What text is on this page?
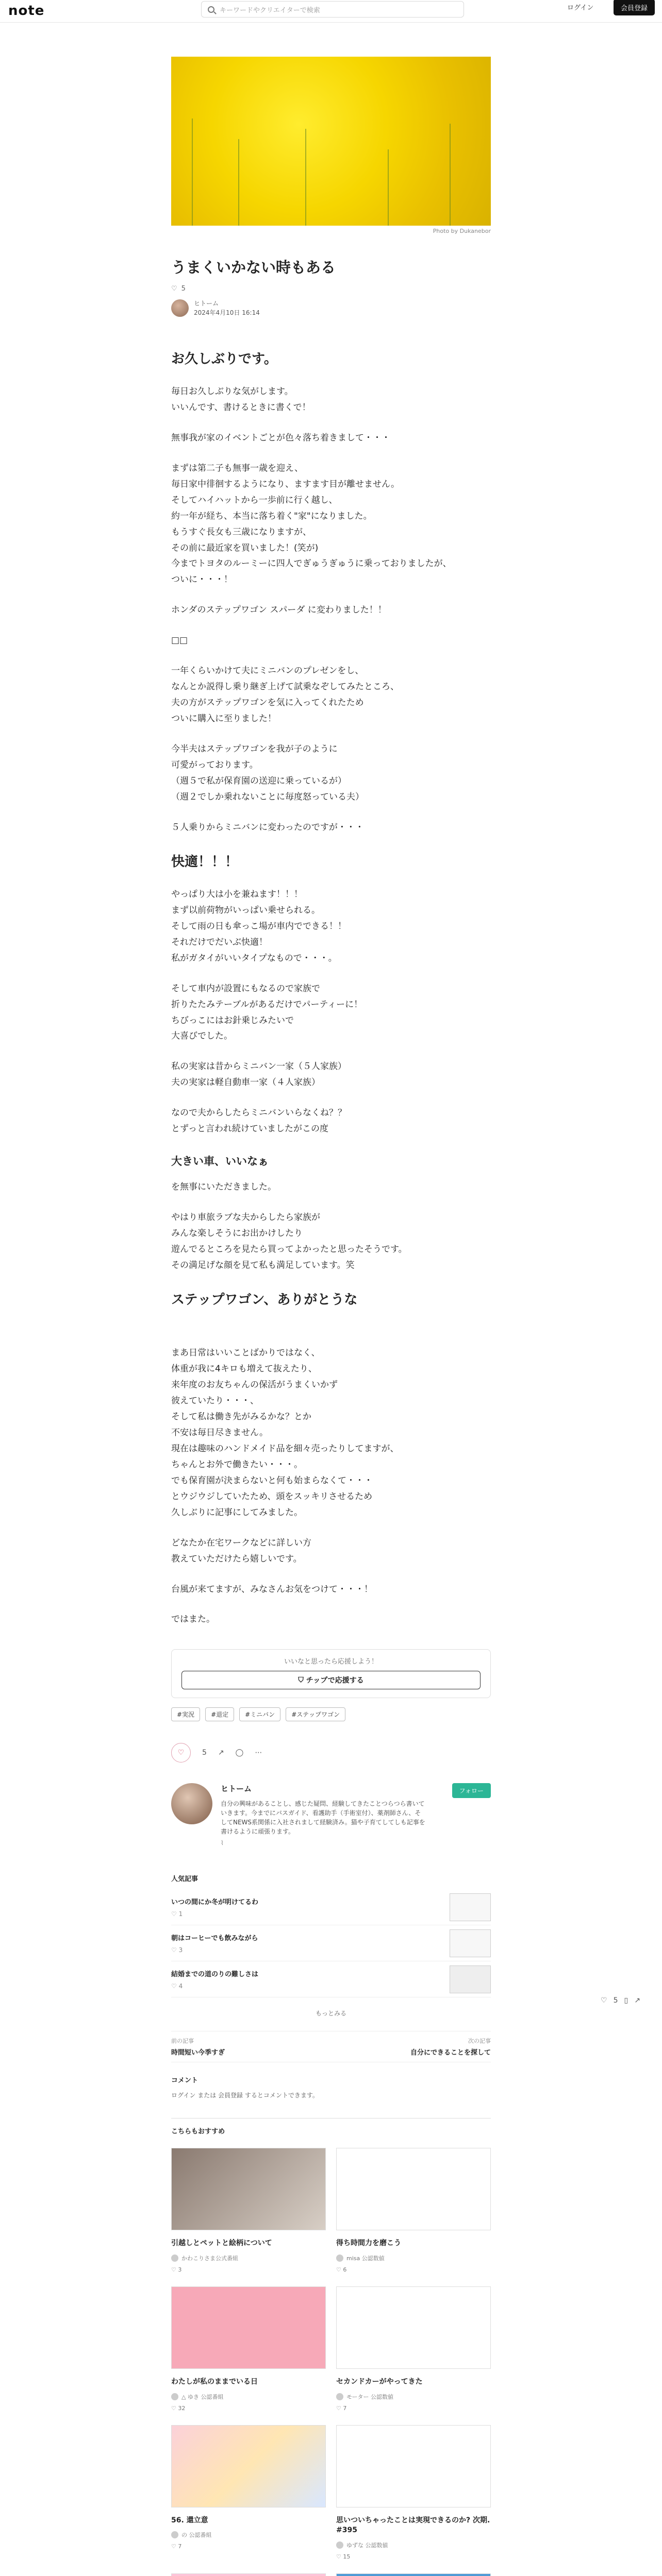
note	キーワードやクリエイターで検索	ログイン	会員登録
♡ 5 ▯ ↗
Photo by Dukanebor
うまくいかない時もある
♡ 5
ヒトーム
2024年4月10日 16:14
お久しぶりです。

毎日お久しぶりな気がします。
いいんです、書けるときに書くで！

無事我が家のイベントごとが色々落ち着きまして・・・

まずは第二子も無事一歳を迎え、
毎日家中徘徊するようになり、ますます目が離せません。
そしてハイハットから一歩前に行く越し、
約一年が経ち、本当に落ち着く"家"になりました。
もうすぐ長女も三歳になりますが、
その前に最近家を買いました！(笑が)
今までトヨタのルーミーに四人でぎゅうぎゅうに乗っておりましたが、
ついに・・・！

ホンダのステップワゴン スパーダ に変わりました！！

□□

一年くらいかけて夫にミニバンのプレゼンをし、
なんとか説得し乗り継ぎ上げて試乗なぞしてみたところ、
夫の方がステップワゴンを気に入ってくれたため
ついに購入に至りました！

今半夫はステップワゴンを我が子のように
可愛がっております。
（週５で私が保育園の送迎に乗っているが）
（週２でしか乗れないことに毎度怒っている夫）

５人乗りからミニバンに変わったのですが・・・

快適！！！

やっぱり大は小を兼ねます！！！
まず以前荷物がいっぱい乗せられる。
そして雨の日も傘っこ場が車内でできる！！
それだけでだいぶ快適！
私がガタイがいいタイプなもので・・・。

そして車内が設置にもなるので家族で
折りたたみテーブルがあるだけでパーティーに！
ちびっこにはお針乗じみたいで
大喜びでした。

私の実家は昔からミニバン一家（５人家族）
夫の実家は軽自動車一家（４人家族）

なので夫からしたらミニバンいらなくね？？
とずっと言われ続けていましたがこの度

大きい車、いいなぁ

を無事にいただきました。

やはり車旅ラブな夫からしたら家族が
みんな楽しそうにお出かけしたり
遊んでるところを見たら買ってよかったと思ったそうです。
その満足げな顔を見て私も満足しています。笑

ステップワゴン、ありがとうな

まあ日常はいいことばかりではなく、
体重が我に4キロも増えて抜えたり、
来年度のお友ちゃんの保活がうまくいかず
彼えていたり・・・、
そして私は働き先がみるかな？とか
不安は毎日尽きません。
現在は趣味のハンドメイド品を細々売ったりしてますが、
ちゃんとお外で働きたい・・・。
でも保育園が決まらないと何も始まらなくて・・・
とウジウジしていたため、頭をスッキリさせるため
久しぶりに記事にしてみました。

どなたか在宅ワークなどに詳しい方
教えていただけたら嬉しいです。

台風が来てますが、みなさんお気をつけて・・・！

ではまた。

いいなと思ったら応援しよう！
⛉ チップで応援する
#実況	#退定	#ミニバン	#ステップワゴン
♡ 5 ↗ ◯ ⋯
ヒトーム
自分の興味があることし、感じた疑問、経験してきたことつらつら書いていきます。今までにバスガイド、看護助手（手術室付）、薬剤師さん、そしてNEWS系関係に入社されまして経験済み。猫や子育てしてしも記事を書けるように頑張ります。
⌇
フォロー
人気記事
いつの間にか冬が明けてるわ
♡ 1
朝はコーヒーでも飲みながら
♡ 3
結婚までの道のりの難しさは
♡ 4
もっとみる
前の記事
時間短い今季すぎ
次の記事
自分にできることを探して
コメント
ログイン または 会員登録 するとコメントできます。
こちらもおすすめ
引越しとペットと絵柄について
かわこりさま公式番組
♡ 3
得ち時間力を磨こう
misa 公認数値
♡ 6
わたしが私のままでいる日
△ ゆき 公認番組
♡ 32
セカンドカーがやってきた
モーター 公認数値
♡ 7
56. 還立意
の 公認番組
♡ 7
思いついちゃったことは実現できるのか? 次期. #395
ゆずな 公認数値
♡ 15
